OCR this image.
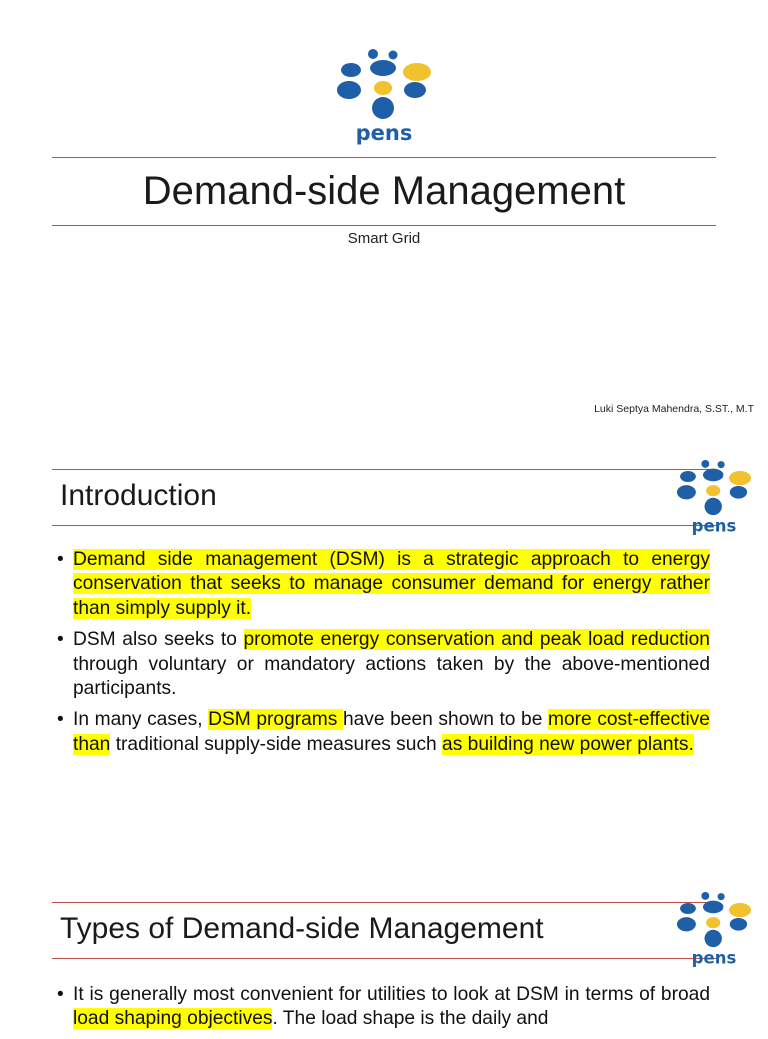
pens
Demand-side Management
Smart Grid
Luki Septya Mahendra, S.ST., M.T
Introduction
pens
• Demand side management (DSM) is a strategic approach to energy conservation that seeks to manage consumer demand for energy rather than simply supply it.
• DSM also seeks to promote energy conservation and peak load reduction through voluntary or mandatory actions taken by the above-mentioned participants.
• In many cases, DSM programs have been shown to be more cost-effective than traditional supply-side measures such as building new power plants.
Types of Demand-side Management
pens
• It is generally most convenient for utilities to look at DSM in terms of broad load shaping objectives. The load shape is the daily and
